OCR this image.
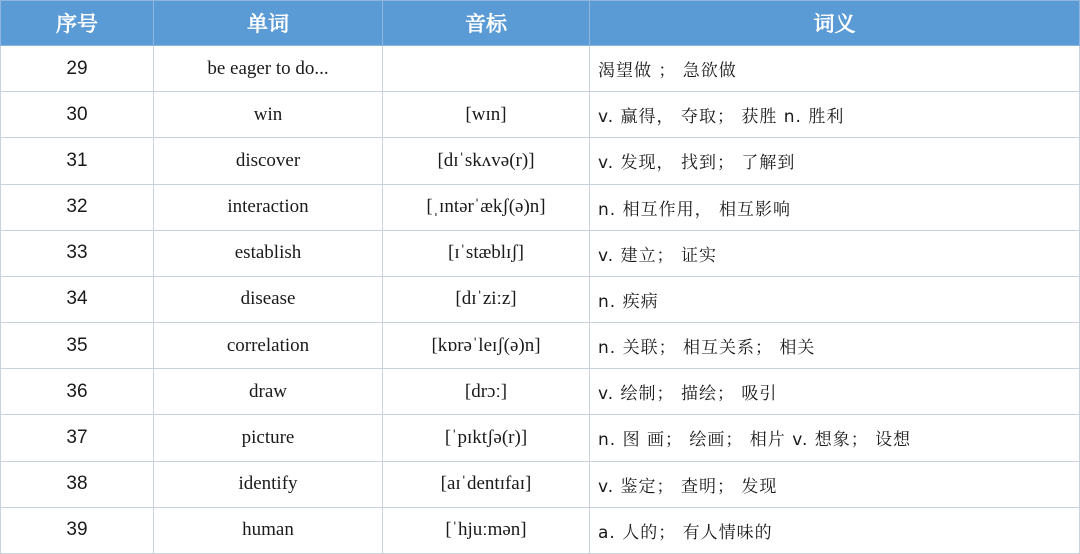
序号	单词	音标	词义
29	be eager to do...		渴望做 ； 急欲做
30	win	[wɪn]	v. 赢得， 夺取； 获胜 n. 胜利
31	discover	[dɪˈskʌvə(r)]	v. 发现， 找到； 了解到
32	interaction	[ˌɪntərˈækʃ(ə)n]	n. 相互作用， 相互影响
33	establish	[ɪˈstæblɪʃ]	v. 建立； 证实
34	disease	[dɪˈziːz]	n. 疾病
35	correlation	[kɒrəˈleɪʃ(ə)n]	n. 关联； 相互关系； 相关
36	draw	[drɔː]	v. 绘制； 描绘； 吸引
37	picture	[ˈpɪktʃə(r)]	n. 图 画； 绘画； 相片 v. 想象； 设想
38	identify	[aɪˈdentɪfaɪ]	v. 鉴定； 查明； 发现
39	human	[ˈhjuːmən]	a. 人的； 有人情味的
